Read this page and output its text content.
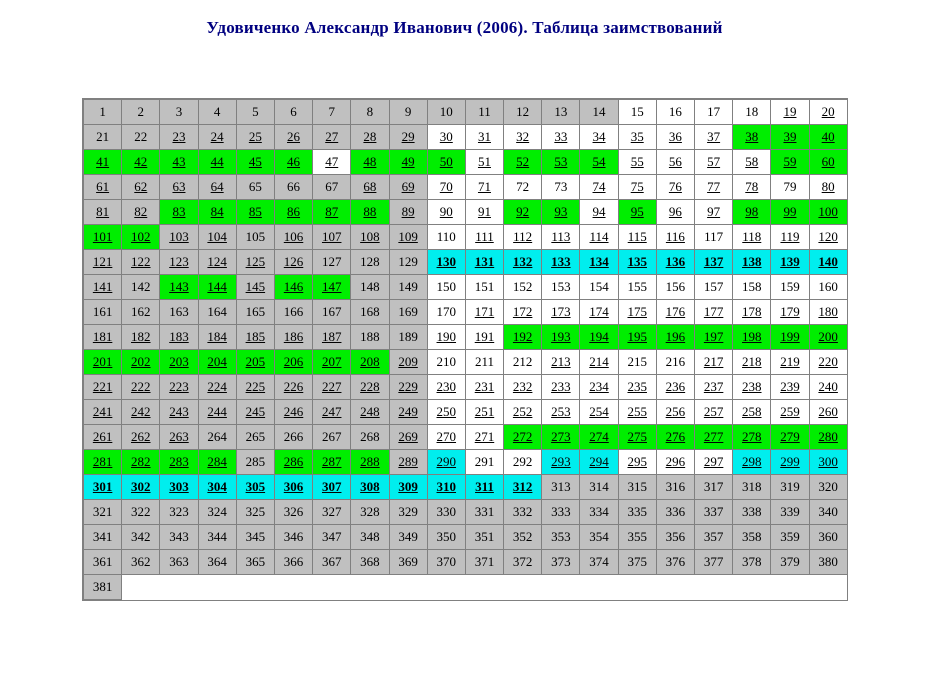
Удовиченко Александр Иванович (2006). Таблица заимствований
1	2	3	4	5	6	7	8	9	10	11	12	13	14	15	16	17	18	19	20
21	22	23	24	25	26	27	28	29	30	31	32	33	34	35	36	37	38	39	40
41	42	43	44	45	46	47	48	49	50	51	52	53	54	55	56	57	58	59	60
61	62	63	64	65	66	67	68	69	70	71	72	73	74	75	76	77	78	79	80
81	82	83	84	85	86	87	88	89	90	91	92	93	94	95	96	97	98	99	100
101	102	103	104	105	106	107	108	109	110	111	112	113	114	115	116	117	118	119	120
121	122	123	124	125	126	127	128	129	130	131	132	133	134	135	136	137	138	139	140
141	142	143	144	145	146	147	148	149	150	151	152	153	154	155	156	157	158	159	160
161	162	163	164	165	166	167	168	169	170	171	172	173	174	175	176	177	178	179	180
181	182	183	184	185	186	187	188	189	190	191	192	193	194	195	196	197	198	199	200
201	202	203	204	205	206	207	208	209	210	211	212	213	214	215	216	217	218	219	220
221	222	223	224	225	226	227	228	229	230	231	232	233	234	235	236	237	238	239	240
241	242	243	244	245	246	247	248	249	250	251	252	253	254	255	256	257	258	259	260
261	262	263	264	265	266	267	268	269	270	271	272	273	274	275	276	277	278	279	280
281	282	283	284	285	286	287	288	289	290	291	292	293	294	295	296	297	298	299	300
301	302	303	304	305	306	307	308	309	310	311	312	313	314	315	316	317	318	319	320
321	322	323	324	325	326	327	328	329	330	331	332	333	334	335	336	337	338	339	340
341	342	343	344	345	346	347	348	349	350	351	352	353	354	355	356	357	358	359	360
361	362	363	364	365	366	367	368	369	370	371	372	373	374	375	376	377	378	379	380
381																			
